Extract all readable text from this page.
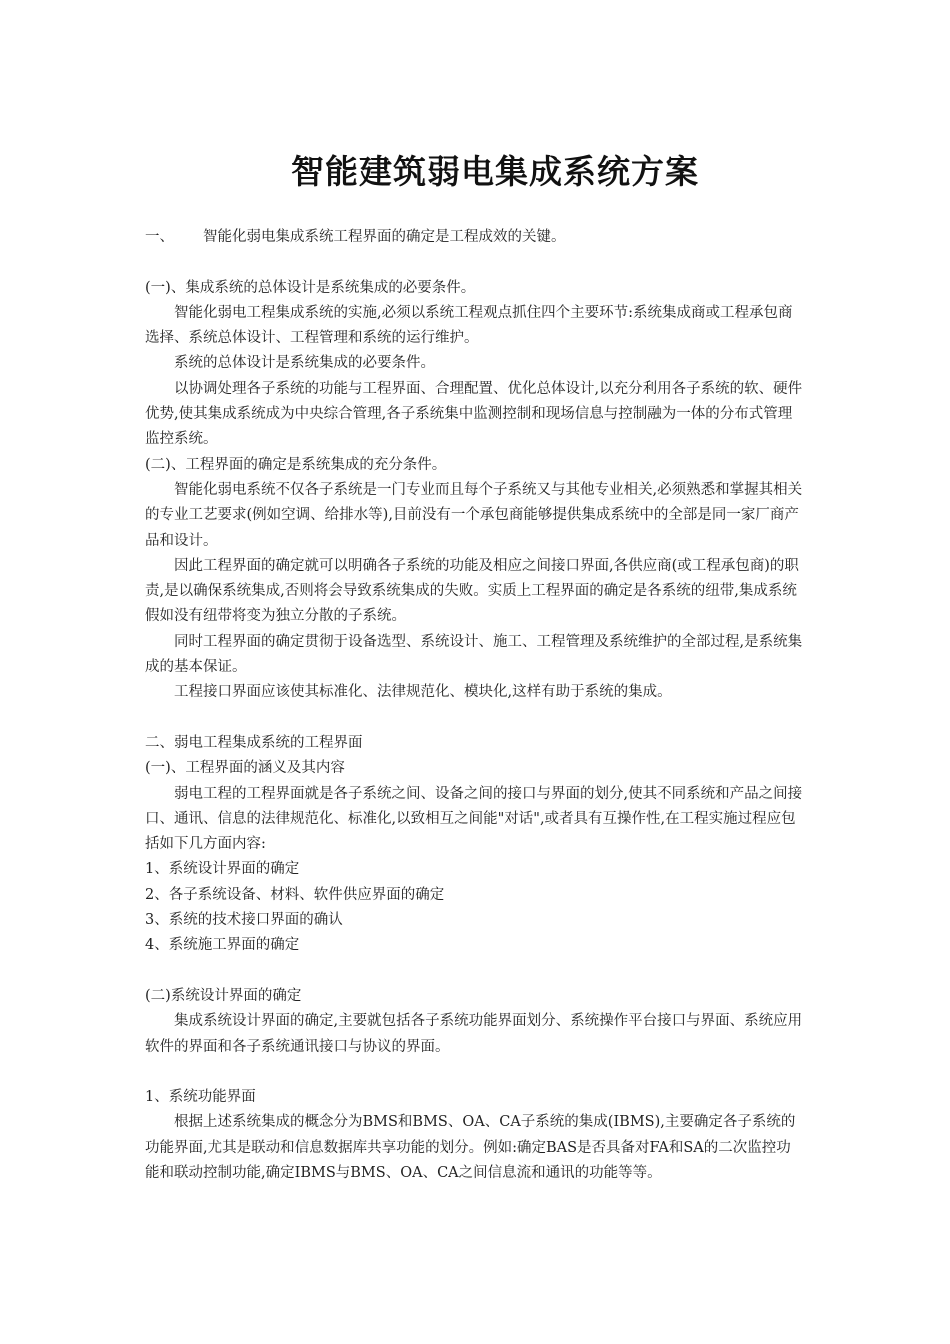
智能建筑弱电集成系统方案

一、	智能化弱电集成系统工程界面的确定是工程成效的关键。

(一)、集成系统的总体设计是系统集成的必要条件。

智能化弱电工程集成系统的实施,必须以系统工程观点抓住四个主要环节:系统集成商或工程承包商选择、系统总体设计、工程管理和系统的运行维护。

系统的总体设计是系统集成的必要条件。

以协调处理各子系统的功能与工程界面、合理配置、优化总体设计,以充分利用各子系统的软、硬件优势,使其集成系统成为中央综合管理,各子系统集中监测控制和现场信息与控制融为一体的分布式管理监控系统。

(二)、工程界面的确定是系统集成的充分条件。

智能化弱电系统不仅各子系统是一门专业而且每个子系统又与其他专业相关,必须熟悉和掌握其相关的专业工艺要求(例如空调、给排水等),目前没有一个承包商能够提供集成系统中的全部是同一家厂商产品和设计。

因此工程界面的确定就可以明确各子系统的功能及相应之间接口界面,各供应商(或工程承包商)的职责,是以确保系统集成,否则将会导致系统集成的失败。实质上工程界面的确定是各系统的纽带,集成系统假如没有纽带将变为独立分散的子系统。

同时工程界面的确定贯彻于设备选型、系统设计、施工、工程管理及系统维护的全部过程,是系统集成的基本保证。

工程接口界面应该使其标准化、法律规范化、模块化,这样有助于系统的集成。

二、弱电工程集成系统的工程界面

(一)、工程界面的涵义及其内容

弱电工程的工程界面就是各子系统之间、设备之间的接口与界面的划分,使其不同系统和产品之间接口、通讯、信息的法律规范化、标准化,以致相互之间能"对话",或者具有互操作性,在工程实施过程应包括如下几方面内容:

1、系统设计界面的确定

2、各子系统设备、材料、软件供应界面的确定

3、系统的技术接口界面的确认

4、系统施工界面的确定

(二)系统设计界面的确定

集成系统设计界面的确定,主要就包括各子系统功能界面划分、系统操作平台接口与界面、系统应用软件的界面和各子系统通讯接口与协议的界面。

1、系统功能界面

根据上述系统集成的概念分为BMS和BMS、OA、CA子系统的集成(IBMS),主要确定各子系统的功能界面,尤其是联动和信息数据库共享功能的划分。例如:确定BAS是否具备对FA和SA的二次监控功能和联动控制功能,确定IBMS与BMS、OA、CA之间信息流和通讯的功能等等。
